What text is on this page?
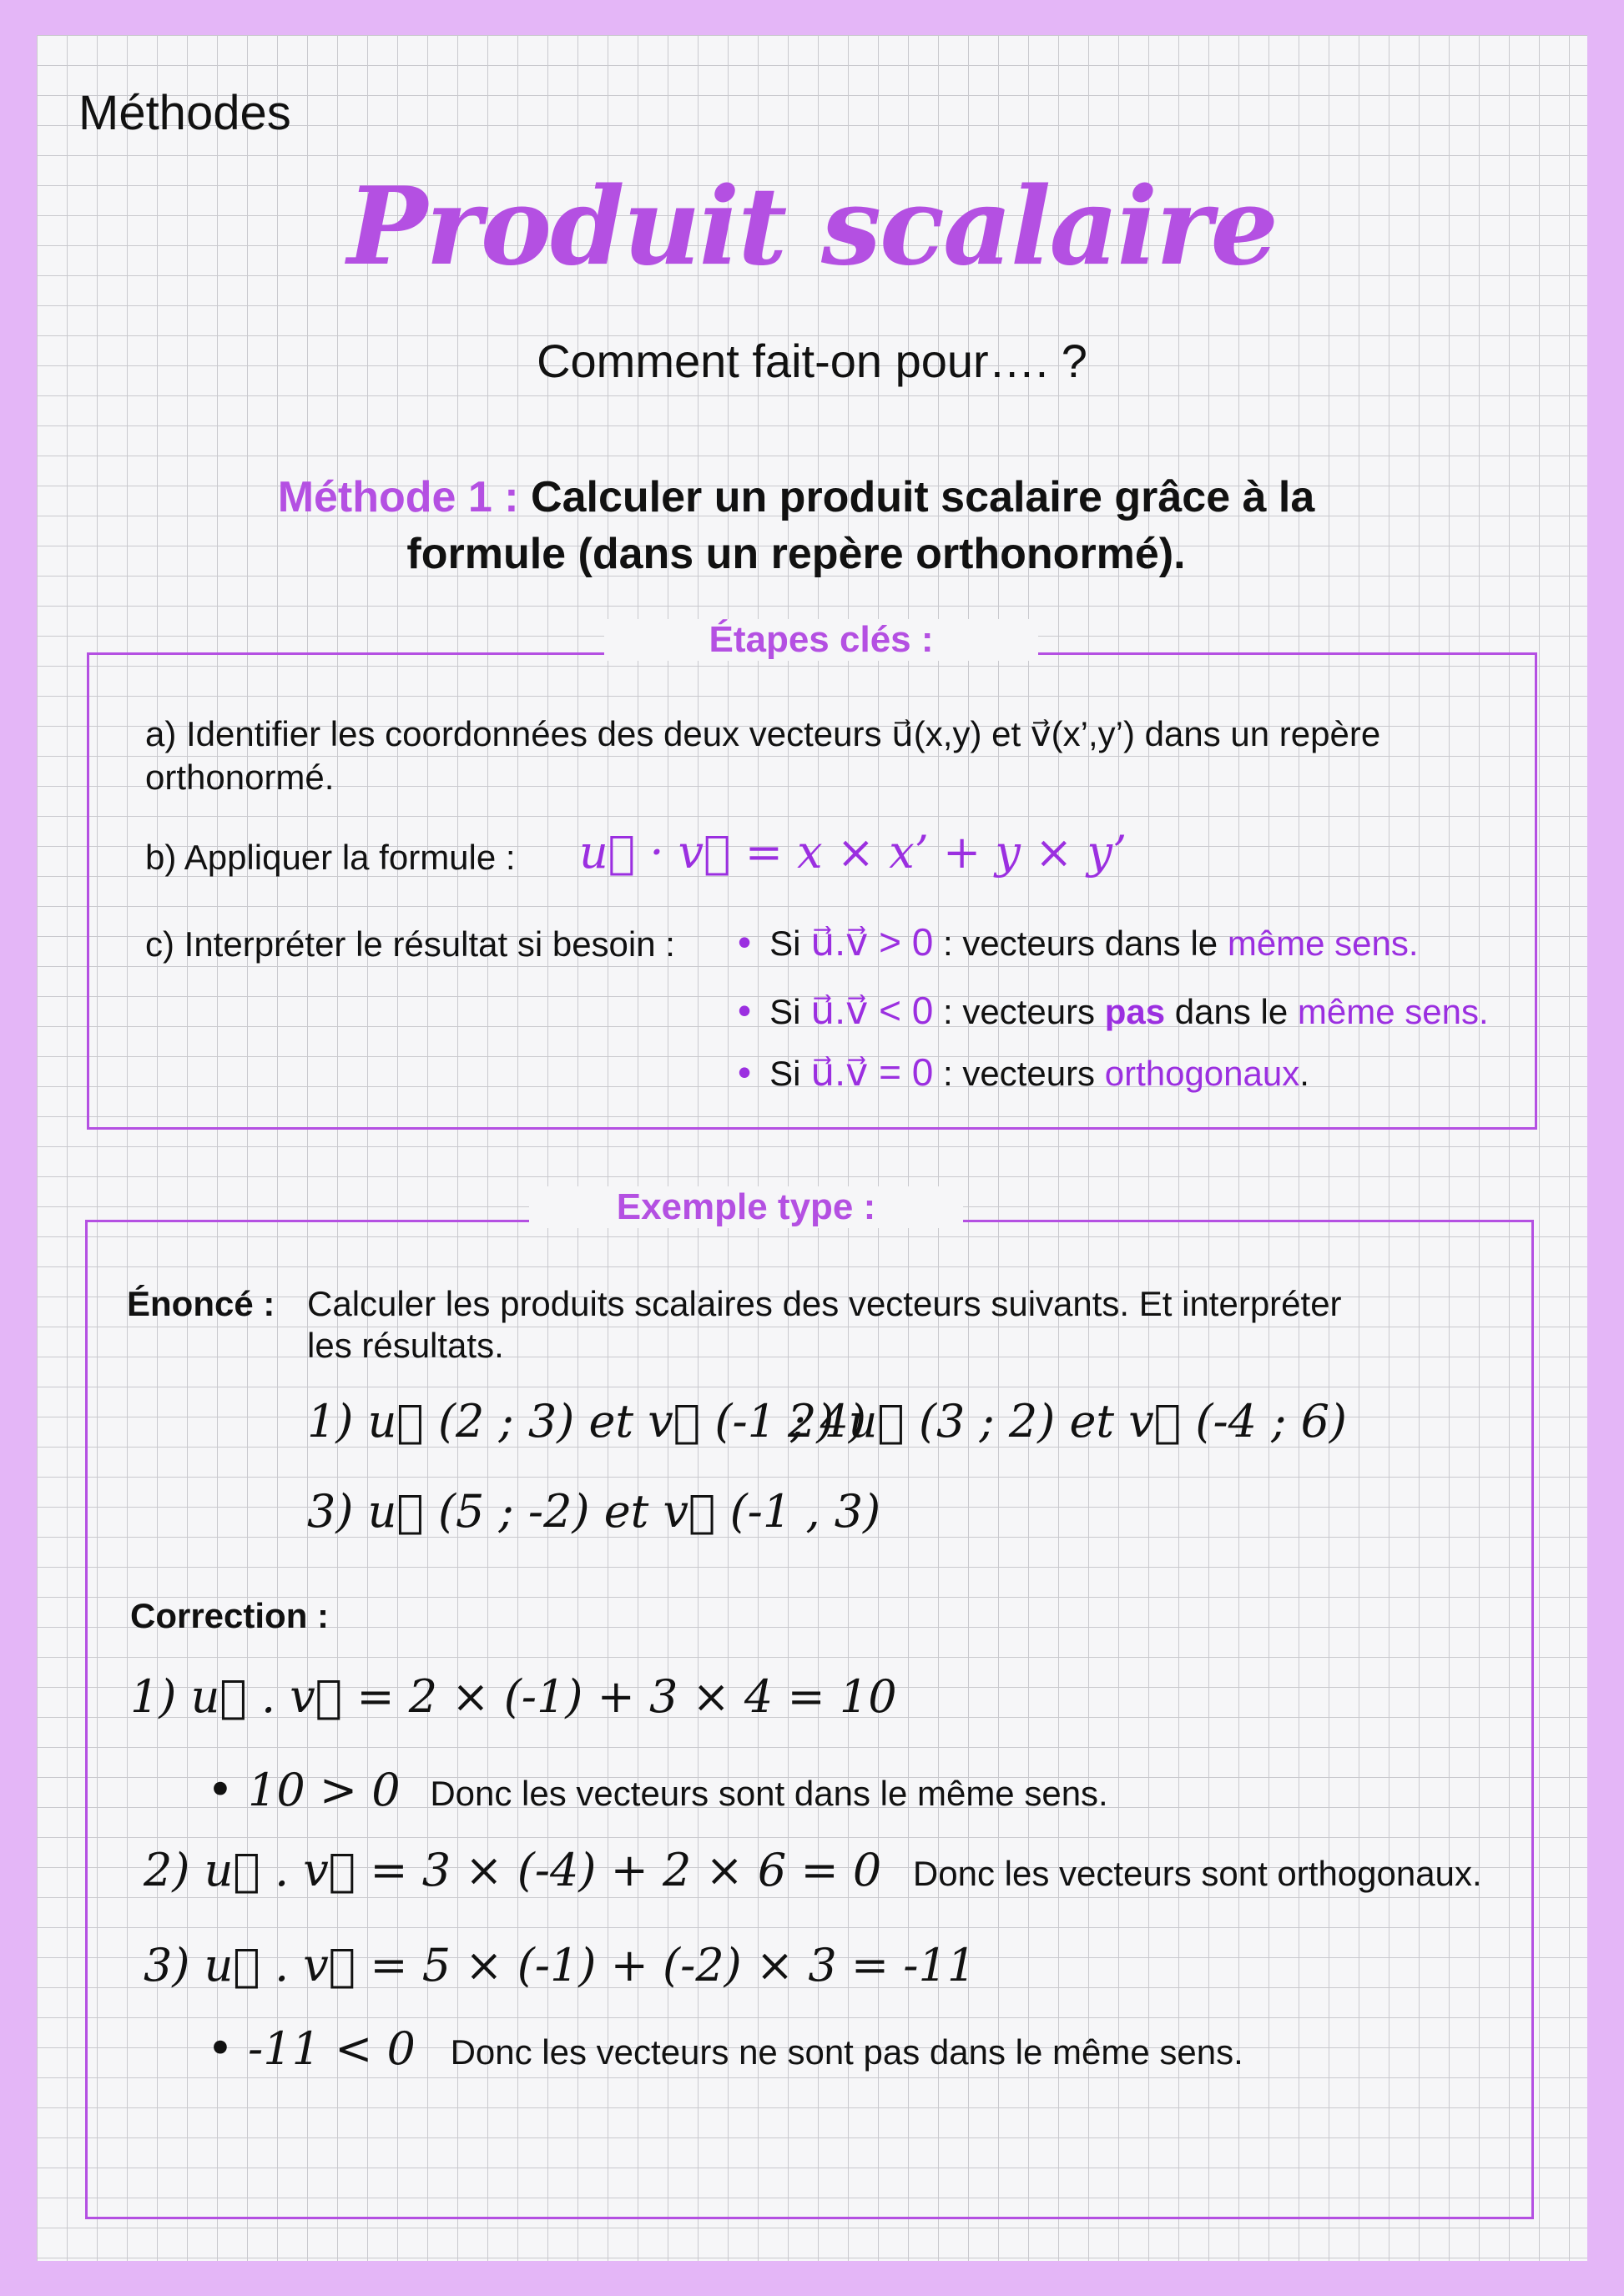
Méthodes
Produit scalaire
Comment fait-on pour…. ?
Méthode 1 : Calculer un produit scalaire grâce à la
formule (dans un repère orthonormé).
Étapes clés :
a) Identifier les coordonnées des deux vecteurs u⃗(x,y) et v⃗(x’,y’) dans un repère
orthonormé.
b) Appliquer la formule : u⃗ · v⃗ = x × x’ + y × y’
c) Interpréter le résultat si besoin : • Si u⃗.v⃗ > 0 : vecteurs dans le même sens.
• Si u⃗.v⃗ < 0 : vecteurs pas dans le même sens.
• Si u⃗.v⃗ = 0 : vecteurs orthogonaux.
Exemple type :
Énoncé : Calculer les produits scalaires des vecteurs suivants. Et interpréter
les résultats.
1) u⃗ (2 ; 3) et v⃗ (-1 ; 4)
2) u⃗ (3 ; 2) et v⃗ (-4 ; 6)
3) u⃗ (5 ; -2) et v⃗ (-1 , 3)
Correction :
1) u⃗ . v⃗ = 2 × (-1) + 3 × 4 = 10
• 10 > 0 Donc les vecteurs sont dans le même sens.
2) u⃗ . v⃗ = 3 × (-4) + 2 × 6 = 0 Donc les vecteurs sont orthogonaux.
3) u⃗ . v⃗ = 5 × (-1) + (-2) × 3 = -11
• -11 < 0 Donc les vecteurs ne sont pas dans le même sens.
